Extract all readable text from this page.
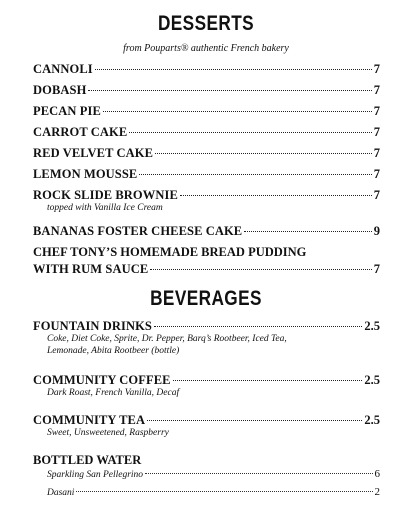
DESSERTS

from Pouparts® authentic French bakery

CANNOLI	7
DOBASH	7
PECAN PIE	7
CARROT CAKE	7
RED VELVET CAKE	7
LEMON MOUSSE	7
ROCK SLIDE BROWNIE	7
topped with Vanilla Ice Cream
BANANAS FOSTER CHEESE CAKE	9
CHEF TONY’S HOMEMADE BREAD PUDDING
WITH RUM SAUCE	7
BEVERAGES
FOUNTAIN DRINKS	2.5
Coke, Diet Coke, Sprite, Dr. Pepper, Barq’s Rootbeer, Iced Tea,
Lemonade, Abita Rootbeer (bottle)
COMMUNITY COFFEE	2.5
Dark Roast, French Vanilla, Decaf
COMMUNITY TEA	2.5
Sweet, Unsweetened, Raspberry
BOTTLED WATER
Sparkling San Pellegrino	6
Dasani	2
